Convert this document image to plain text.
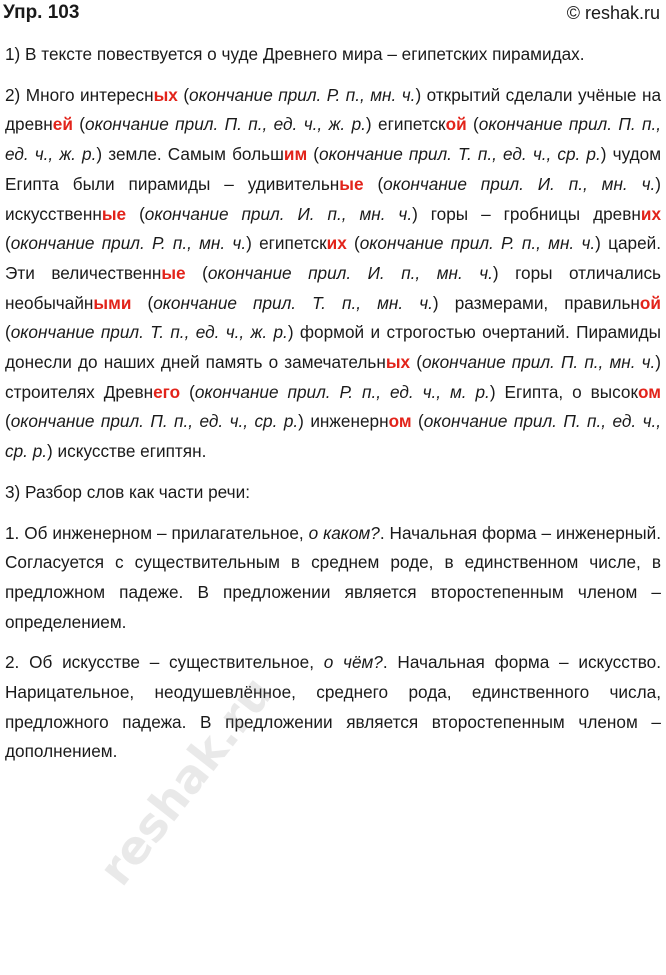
Упр. 103	© reshak.ru

1) В тексте повествуется о чуде Древнего мира – египетских пирамидах.

2) Много интересных (окончание прил. Р. п., мн. ч.) открытий сделали учёные на древней (окончание прил. П. п., ед. ч., ж. р.) египетской (окончание прил. П. п., ед. ч., ж. р.) земле. Самым большим (окончание прил. Т. п., ед. ч., ср. р.) чудом Египта были пирамиды – удивительные (окончание прил. И. п., мн. ч.) искусственные (окончание прил. И. п., мн. ч.) горы – гробницы древних (окончание прил. Р. п., мн. ч.) египетских (окончание прил. Р. п., мн. ч.) царей. Эти величественные (окончание прил. И. п., мн. ч.) горы отличались необычайными (окончание прил. Т. п., мн. ч.) размерами, правильной (окончание прил. Т. п., ед. ч., ж. р.) формой и строгостью очертаний. Пирамиды донесли до наших дней память о замечательных (окончание прил. П. п., мн. ч.) строителях Древнего (окончание прил. Р. п., ед. ч., м. р.) Египта, о высоком (окончание прил. П. п., ед. ч., ср. р.) инженерном (окончание прил. П. п., ед. ч., ср. р.) искусстве египтян.

3) Разбор слов как части речи:

1. Об инженерном – прилагательное, о каком?. Начальная форма – инженерный. Согласуется с существительным в среднем роде, в единственном числе, в предложном падеже. В предложении является второстепенным членом – определением.

2. Об искусстве – существительное, о чём?. Начальная форма – искусство. Нарицательное, неодушевлённое, среднего рода, единственного числа, предложного падежа. В предложении является второстепенным членом – дополнением.

reshak.ru
